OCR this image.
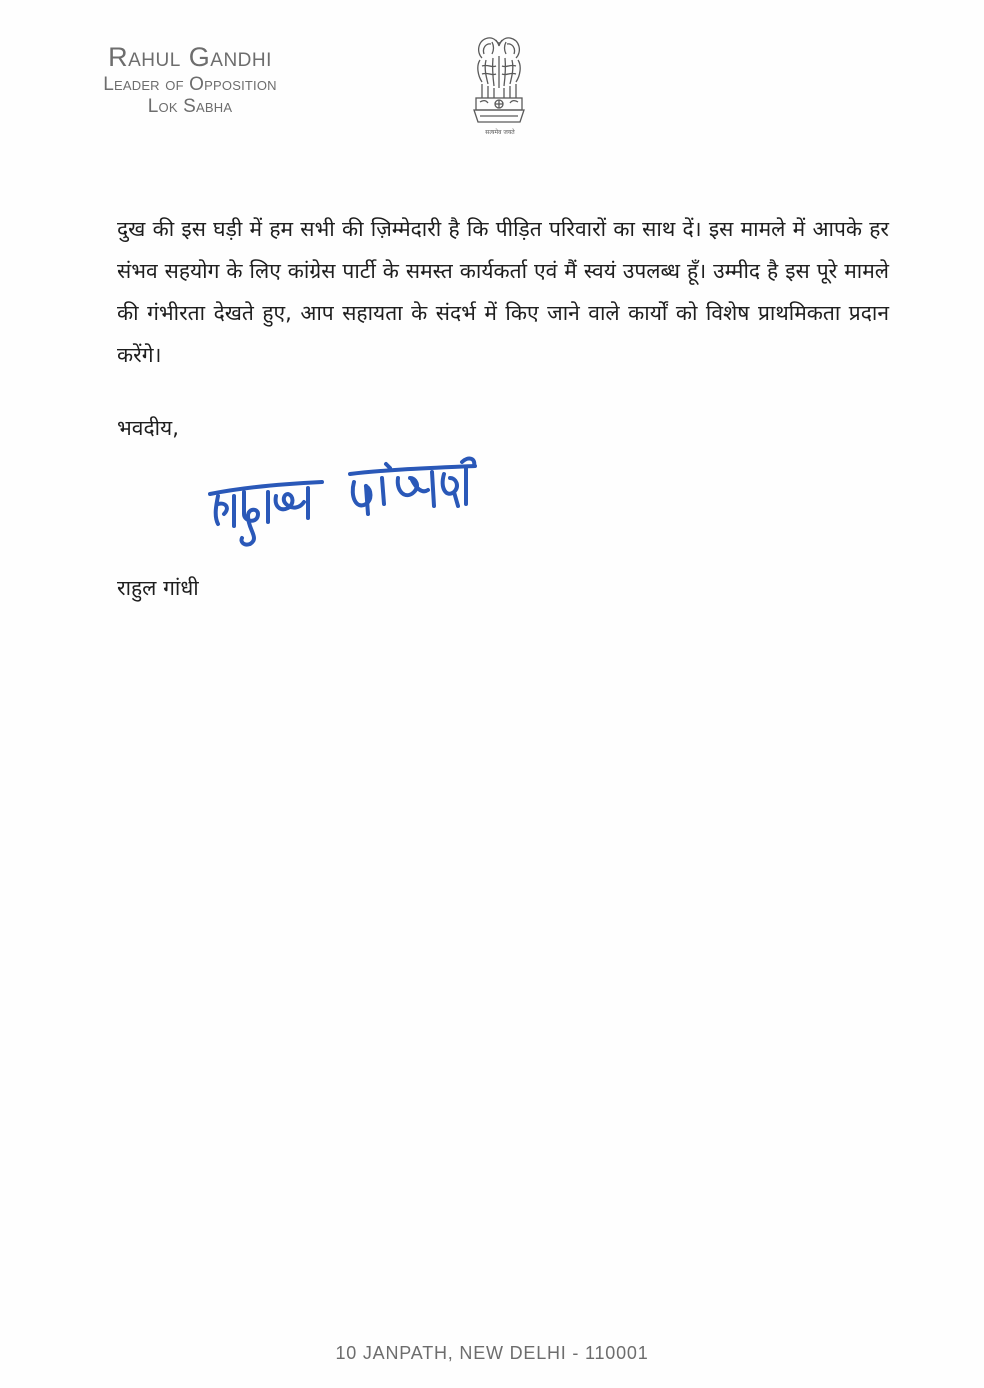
Rahul Gandhi
Leader of Opposition
Lok Sabha
सत्यमेव जयते
दुख की इस घड़ी में हम सभी की ज़िम्मेदारी है कि पीड़ित परिवारों का साथ दें। इस मामले में आपके हर संभव सहयोग के लिए कांग्रेस पार्टी के समस्त कार्यकर्ता एवं मैं स्वयं उपलब्ध हूँ। उम्मीद है इस पूरे मामले की गंभीरता देखते हुए, आप सहायता के संदर्भ में किए जाने वाले कार्यों को विशेष प्राथमिकता प्रदान करेंगे।
भवदीय,
राहुल गांधी
10 JANPATH, NEW DELHI - 110001
